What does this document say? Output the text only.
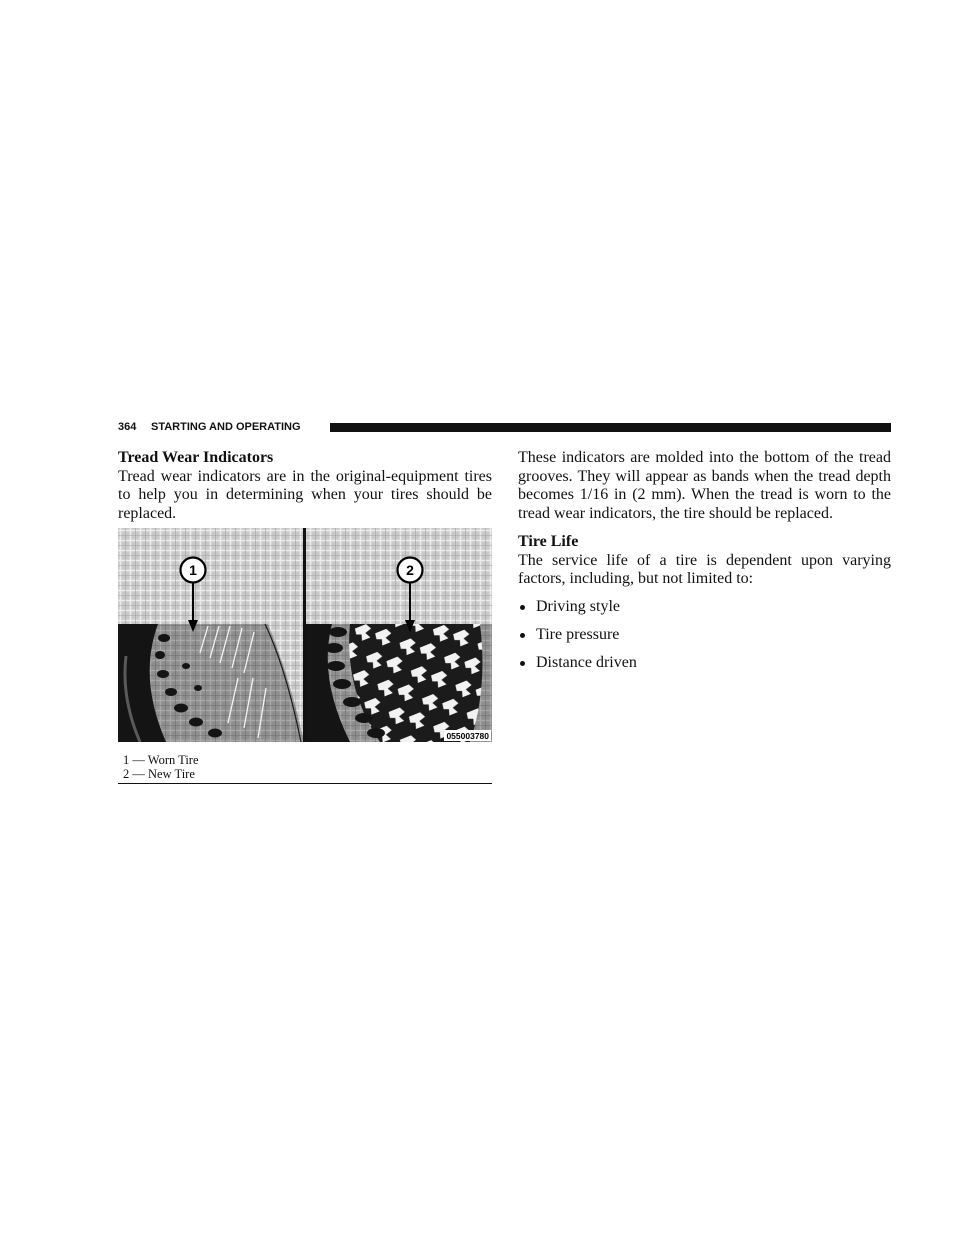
364 STARTING AND OPERATING
Tread Wear Indicators
Tread wear indicators are in the original-equipment tires
to help you in determining when your tires should be
replaced.
1	2
055003780
1 — Worn Tire
2 — New Tire
These indicators are molded into the bottom of the tread
grooves. They will appear as bands when the tread depth
becomes 1/16 in (2 mm). When the tread is worn to the
tread wear indicators, the tire should be replaced.
Tire Life
The service life of a tire is dependent upon varying
factors, including, but not limited to:
Driving style
Tire pressure
Distance driven
